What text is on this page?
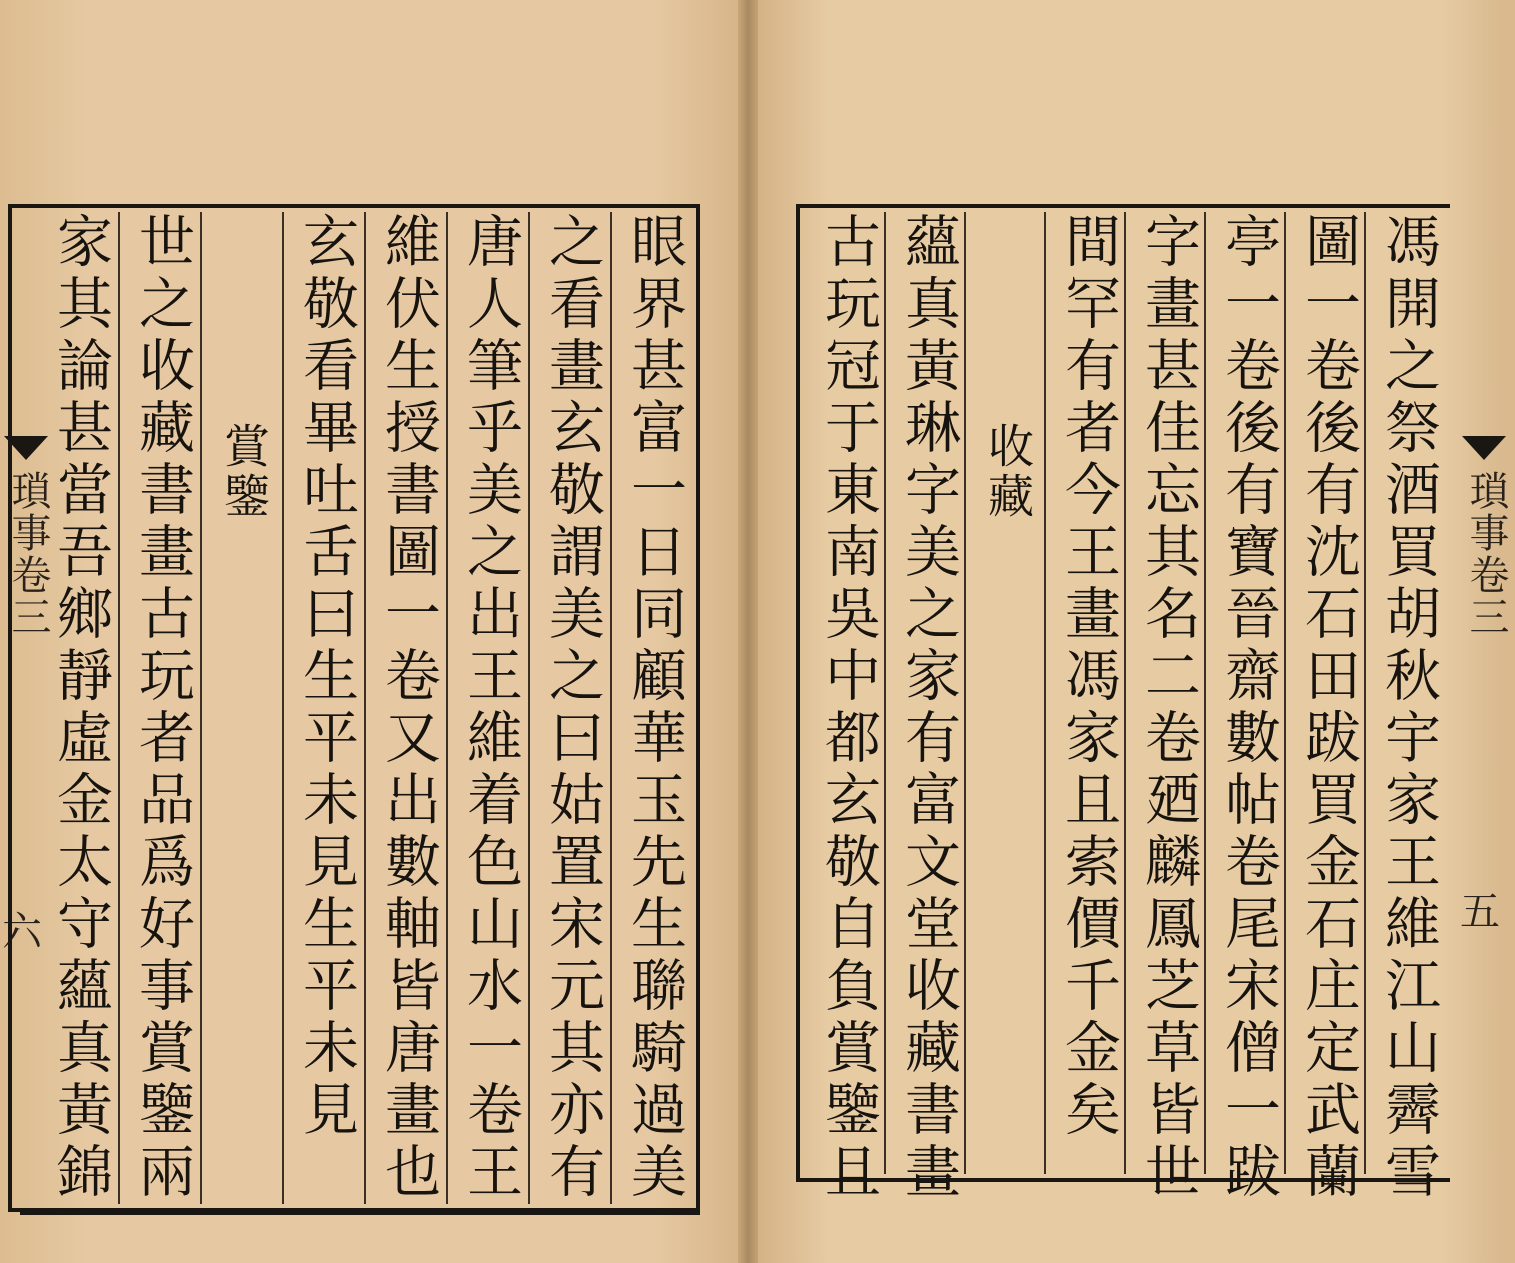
瑣事卷三
五
馮開之祭酒買胡秋宇家王維江山霽雪
圖一卷後有沈石田跋買金石庄定武蘭
亭一卷後有寶晉齋數帖卷尾宋僧一跋
字畫甚佳忘其名二卷廼麟鳳芝草皆世
間罕有者今王畫馮家且索價千金矣
收藏
蘊真黃琳字美之家有富文堂收藏書畫
古玩冠于東南吳中都玄敬自負賞鑒且
瑣事卷三
六	眼界甚富一日同顧華玉先生聯騎過美
之看畫玄敬謂美之曰姑置宋元其亦有
唐人筆乎美之出王維着色山水一卷王
維伏生授書圖一卷又出數軸皆唐畫也
玄敬看畢吐舌曰生平未見生平未見
賞鑒
世之收藏書畫古玩者品爲好事賞鑒兩
家其論甚當吾鄉靜虛金太守蘊真黃錦
